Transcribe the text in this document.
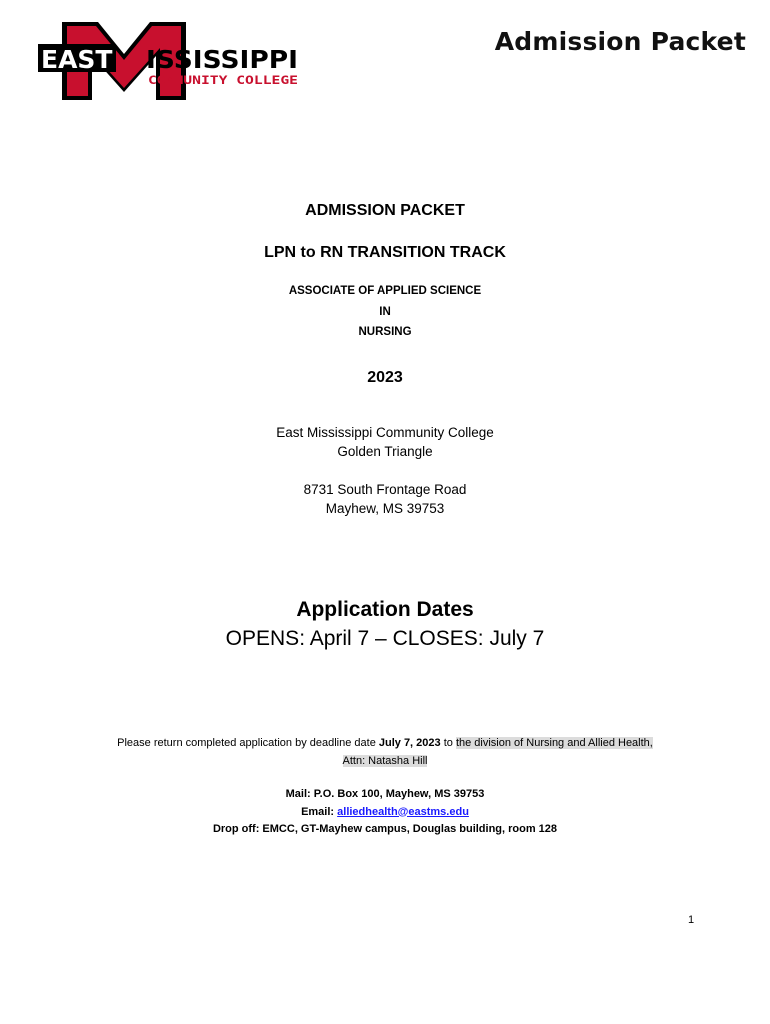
EAST ISSISSIPPI
COMMUNITY COLLEGE
Admission Packet
ADMISSION PACKET
LPN to RN TRANSITION TRACK
ASSOCIATE OF APPLIED SCIENCE
IN
NURSING
2023
East Mississippi Community College
Golden Triangle
8731 South Frontage Road
Mayhew, MS 39753
Application Dates
OPENS: April 7 – CLOSES: July 7
Please return completed application by deadline date July 7, 2023 to the division of Nursing and Allied Health,
Attn: Natasha Hill
Mail: P.O. Box 100, Mayhew, MS 39753
Email: alliedhealth@eastms.edu
Drop off: EMCC, GT-Mayhew campus, Douglas building, room 128
1
